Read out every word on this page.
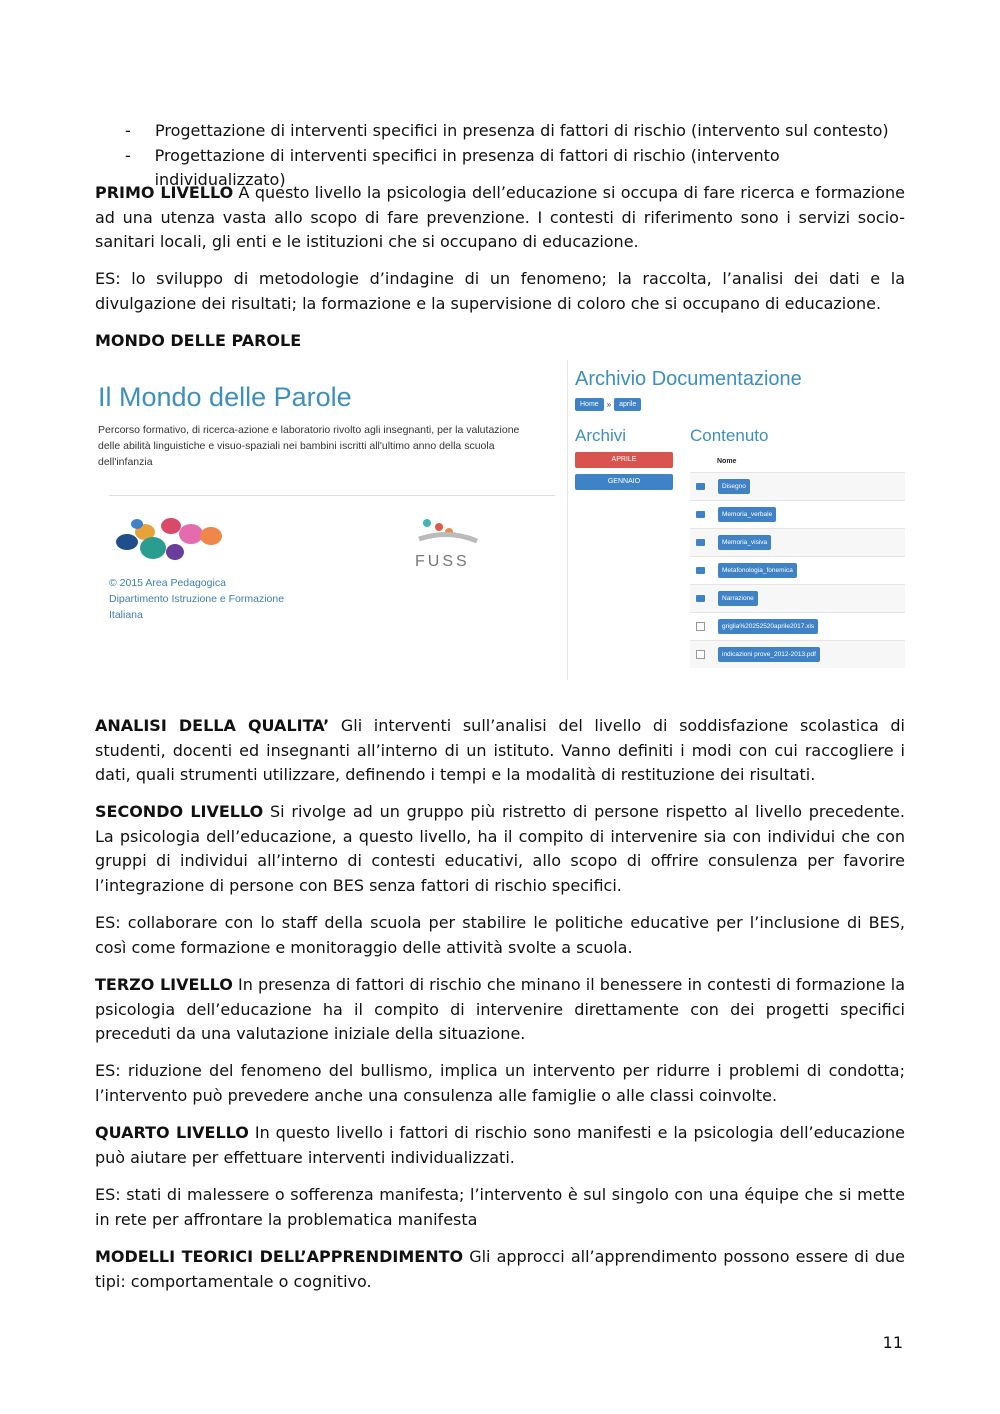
-	Progettazione di interventi specifici in presenza di fattori di rischio (intervento sul contesto)
-	Progettazione di interventi specifici in presenza di fattori di rischio (intervento individualizzato)

PRIMO LIVELLO A questo livello la psicologia dell’educazione si occupa di fare ricerca e formazione ad una utenza vasta allo scopo di fare prevenzione. I contesti di riferimento sono i servizi socio-sanitari locali, gli enti e le istituzioni che si occupano di educazione.

ES: lo sviluppo di metodologie d’indagine di un fenomeno; la raccolta, l’analisi dei dati e la divulgazione dei risultati; la formazione e la supervisione di coloro che si occupano di educazione.

MONDO DELLE PAROLE

ANALISI DELLA QUALITA’ Gli interventi sull’analisi del livello di soddisfazione scolastica di studenti, docenti ed insegnanti all’interno di un istituto. Vanno definiti i modi con cui raccogliere i dati, quali strumenti utilizzare, definendo i tempi e la modalità di restituzione dei risultati.

SECONDO LIVELLO Si rivolge ad un gruppo più ristretto di persone rispetto al livello precedente. La psicologia dell’educazione, a questo livello, ha il compito di intervenire sia con individui che con gruppi di individui all’interno di contesti educativi, allo scopo di offrire consulenza per favorire l’integrazione di persone con BES senza fattori di rischio specifici.

ES: collaborare con lo staff della scuola per stabilire le politiche educative per l’inclusione di BES, così come formazione e monitoraggio delle attività svolte a scuola.

TERZO LIVELLO In presenza di fattori di rischio che minano il benessere in contesti di formazione la psicologia dell’educazione ha il compito di intervenire direttamente con dei progetti specifici preceduti da una valutazione iniziale della situazione.

ES: riduzione del fenomeno del bullismo, implica un intervento per ridurre i problemi di condotta; l’intervento può prevedere anche una consulenza alle famiglie o alle classi coinvolte.

QUARTO LIVELLO In questo livello i fattori di rischio sono manifesti e la psicologia dell’educazione può aiutare per effettuare interventi individualizzati.

ES: stati di malessere o sofferenza manifesta; l’intervento è sul singolo con una équipe che si mette in rete per affrontare la problematica manifesta

MODELLI TEORICI DELL’APPRENDIMENTO Gli approcci all’apprendimento possono essere di due tipi: comportamentale o cognitivo.

Il Mondo delle Parole
Percorso formativo, di ricerca-azione e laboratorio rivolto agli insegnanti, per la valutazione delle abilità linguistiche e visuo-spaziali nei bambini iscritti all'ultimo anno della scuola dell'infanzia
© 2015 Area Pedagogica
Dipartimento Istruzione e Formazione
Italiana
FUSS
Archivio Documentazione
Home	»	aprile
Archivi
APRILE
GENNAIO
Contenuto
Nome
Disegno
Memoria_verbale
Memoria_visiva
Metafonologia_fonemica
Narrazione
griglia%20252520aprile2017.xls
indicazioni prove_2012-2013.pdf
11
